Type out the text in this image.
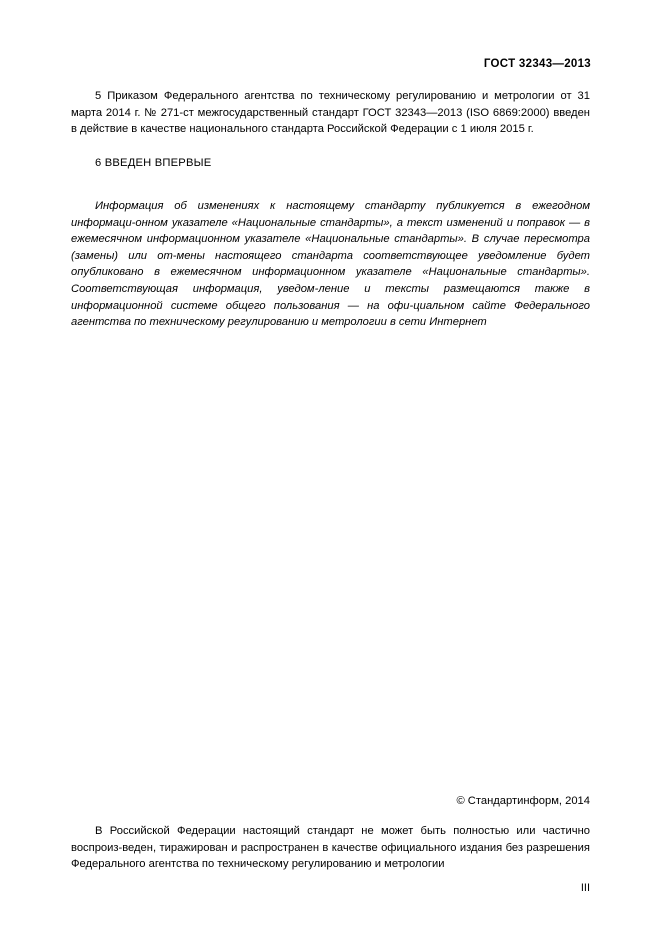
ГОСТ 32343—2013

5 Приказом Федерального агентства по техническому регулированию и метрологии от 31 марта 2014 г. № 271-ст межгосударственный стандарт ГОСТ 32343—2013 (ISO 6869:2000) введен в действие в качестве национального стандарта Российской Федерации с 1 июля 2015 г.

6 ВВЕДЕН ВПЕРВЫЕ

Информация об изменениях к настоящему стандарту публикуется в ежегодном информаци-онном указателе «Национальные стандарты», а текст изменений и поправок — в ежемесячном информационном указателе «Национальные стандарты». В случае пересмотра (замены) или от-мены настоящего стандарта соответствующее уведомление будет опубликовано в ежемесячном информационном указателе «Национальные стандарты». Соответствующая информация, уведом-ление и тексты размещаются также в информационной системе общего пользования — на офи-циальном сайте Федерального агентства по техническому регулированию и метрологии в сети Интернет

© Стандартинформ, 2014

В Российской Федерации настоящий стандарт не может быть полностью или частично воспроиз-веден, тиражирован и распространен в качестве официального издания без разрешения Федерального агентства по техническому регулированию и метрологии

III
